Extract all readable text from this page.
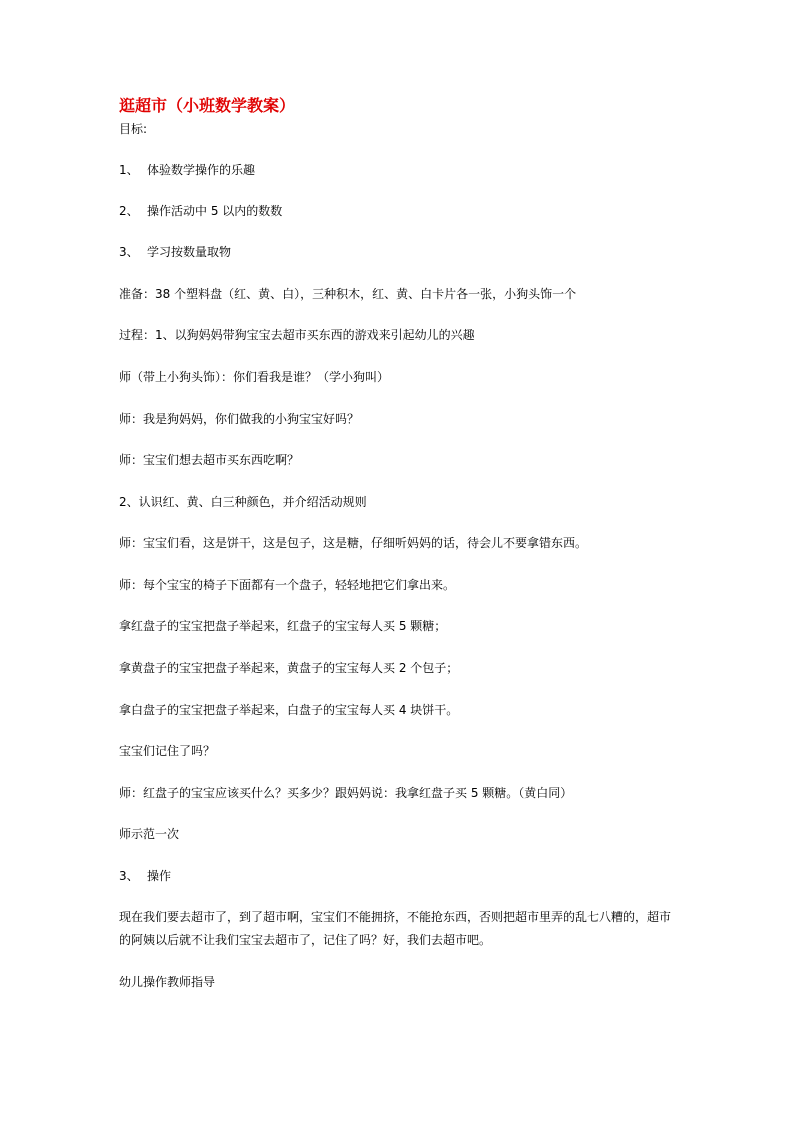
逛超市（小班数学教案）
目标:
1、 体验数学操作的乐趣
2、 操作活动中 5 以内的数数
3、 学习按数量取物
准备：38 个塑料盘（红、黄、白），三种积木，红、黄、白卡片各一张，小狗头饰一个
过程：1、以狗妈妈带狗宝宝去超市买东西的游戏来引起幼儿的兴趣
师（带上小狗头饰）：你们看我是谁？（学小狗叫）
师：我是狗妈妈，你们做我的小狗宝宝好吗？
师：宝宝们想去超市买东西吃啊？
2、认识红、黄、白三种颜色，并介绍活动规则
师：宝宝们看，这是饼干，这是包子，这是糖，仔细听妈妈的话，待会儿不要拿错东西。
师：每个宝宝的椅子下面都有一个盘子，轻轻地把它们拿出来。
拿红盘子的宝宝把盘子举起来，红盘子的宝宝每人买 5 颗糖；
拿黄盘子的宝宝把盘子举起来，黄盘子的宝宝每人买 2 个包子；
拿白盘子的宝宝把盘子举起来，白盘子的宝宝每人买 4 块饼干。
宝宝们记住了吗？
师：红盘子的宝宝应该买什么？买多少？跟妈妈说：我拿红盘子买 5 颗糖。（黄白同）
师示范一次
3、 操作
现在我们要去超市了，到了超市啊，宝宝们不能拥挤，不能抢东西，否则把超市里弄的乱七八糟的，超市的阿姨以后就不让我们宝宝去超市了，记住了吗？好，我们去超市吧。
幼儿操作教师指导
